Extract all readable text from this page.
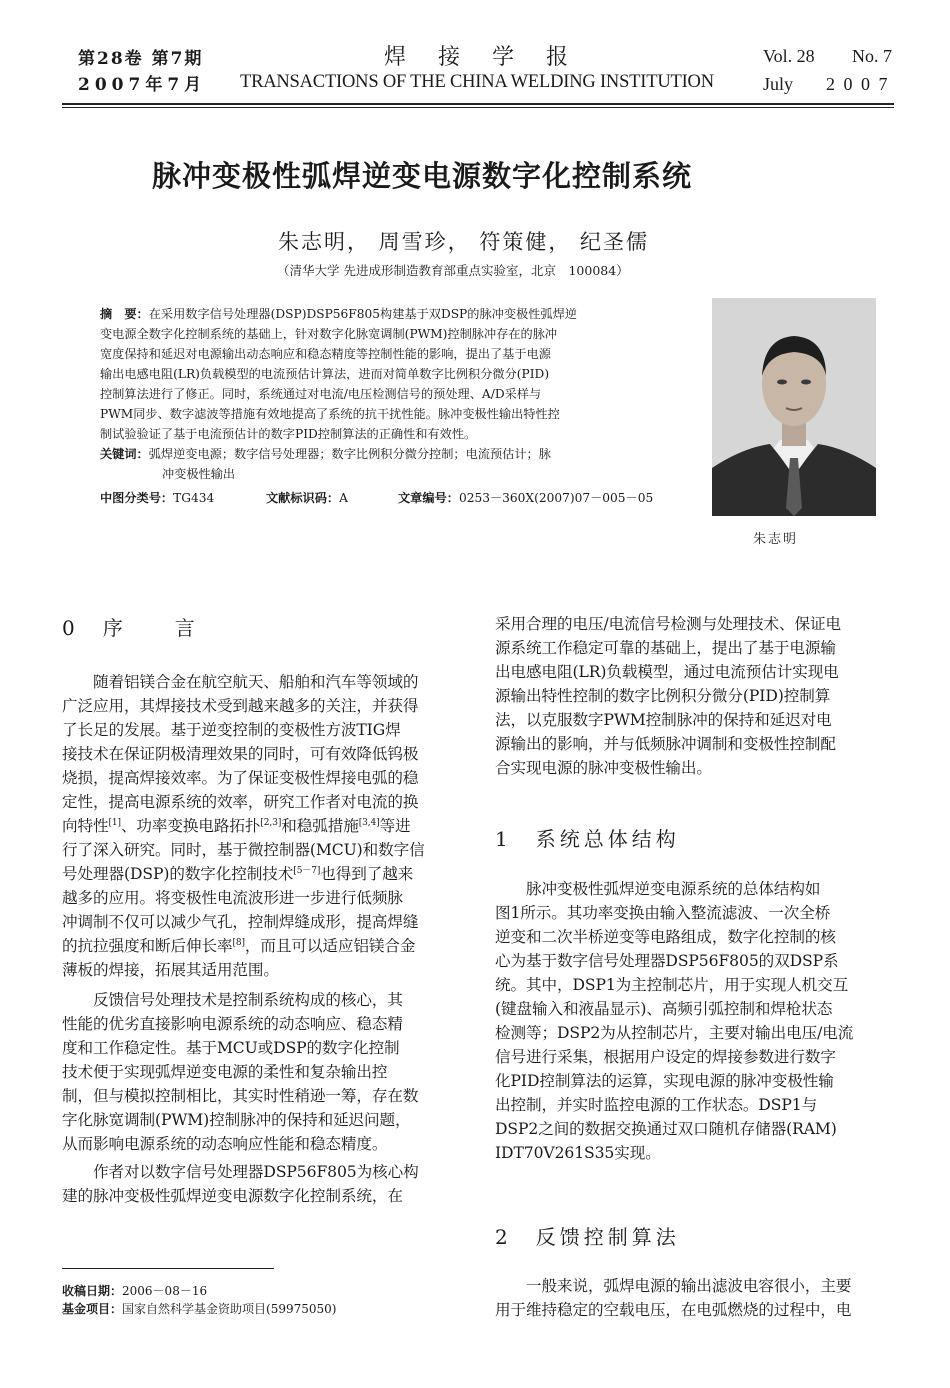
第28卷 第7期
2007年7月
焊接学报
TRANSACTIONS OF THE CHINA WELDING INSTITUTION
Vol. 28 No. 7
July 2 0 0 7
脉冲变极性弧焊逆变电源数字化控制系统
朱志明， 周雪珍， 符策健， 纪圣儒
（清华大学 先进成形制造教育部重点实验室，北京　100084）
摘　要：在采用数字信号处理器(DSP)DSP56F805构建基于双DSP的脉冲变极性弧焊逆
变电源全数字化控制系统的基础上，针对数字化脉宽调制(PWM)控制脉冲存在的脉冲
宽度保持和延迟对电源输出动态响应和稳态精度等控制性能的影响，提出了基于电源
输出电感电阻(LR)负载模型的电流预估计算法，进而对简单数字比例积分微分(PID)
控制算法进行了修正。同时，系统通过对电流/电压检测信号的预处理、A/D采样与
PWM同步、数字滤波等措施有效地提高了系统的抗干扰性能。脉冲变极性输出特性控
制试验验证了基于电流预估计的数字PID控制算法的正确性和有效性。
关键词：弧焊逆变电源；数字信号处理器；数字比例积分微分控制；电流预估计；脉
冲变极性输出
中图分类号：TG434	文献标识码：A	文章编号：0253－360X(2007)07－005－05
朱志明
0　序　　言
　　随着铝镁合金在航空航天、船舶和汽车等领域的
广泛应用，其焊接技术受到越来越多的关注，并获得
了长足的发展。基于逆变控制的变极性方波TIG焊
接技术在保证阴极清理效果的同时，可有效降低钨极
烧损，提高焊接效率。为了保证变极性焊接电弧的稳
定性，提高电源系统的效率，研究工作者对电流的换
向特性[1]、功率变换电路拓扑[2,3]和稳弧措施[3,4]等进
行了深入研究。同时，基于微控制器(MCU)和数字信
号处理器(DSP)的数字化控制技术[5－7]也得到了越来
越多的应用。将变极性电流波形进一步进行低频脉
冲调制不仅可以减少气孔，控制焊缝成形，提高焊缝
的抗拉强度和断后伸长率[8]，而且可以适应铝镁合金
薄板的焊接，拓展其适用范围。
　　反馈信号处理技术是控制系统构成的核心，其
性能的优劣直接影响电源系统的动态响应、稳态精
度和工作稳定性。基于MCU或DSP的数字化控制
技术便于实现弧焊逆变电源的柔性和复杂输出控
制，但与模拟控制相比，其实时性稍逊一筹，存在数
字化脉宽调制(PWM)控制脉冲的保持和延迟问题，
从而影响电源系统的动态响应性能和稳态精度。
　　作者对以数字信号处理器DSP56F805为核心构
建的脉冲变极性弧焊逆变电源数字化控制系统，在
收稿日期：2006－08－16
基金项目：国家自然科学基金资助项目(59975050)
采用合理的电压/电流信号检测与处理技术、保证电
源系统工作稳定可靠的基础上，提出了基于电源输
出电感电阻(LR)负载模型，通过电流预估计实现电
源输出特性控制的数字比例积分微分(PID)控制算
法，以克服数字PWM控制脉冲的保持和延迟对电
源输出的影响，并与低频脉冲调制和变极性控制配
合实现电源的脉冲变极性输出。
1　系统总体结构
　　脉冲变极性弧焊逆变电源系统的总体结构如
图1所示。其功率变换由输入整流滤波、一次全桥
逆变和二次半桥逆变等电路组成，数字化控制的核
心为基于数字信号处理器DSP56F805的双DSP系
统。其中，DSP1为主控制芯片，用于实现人机交互
(键盘输入和液晶显示)、高频引弧控制和焊枪状态
检测等；DSP2为从控制芯片，主要对输出电压/电流
信号进行采集，根据用户设定的焊接参数进行数字
化PID控制算法的运算，实现电源的脉冲变极性输
出控制，并实时监控电源的工作状态。DSP1与
DSP2之间的数据交换通过双口随机存储器(RAM)
IDT70V261S35实现。
2　反馈控制算法
　　一般来说，弧焊电源的输出滤波电容很小，主要
用于维持稳定的空载电压，在电弧燃烧的过程中，电
